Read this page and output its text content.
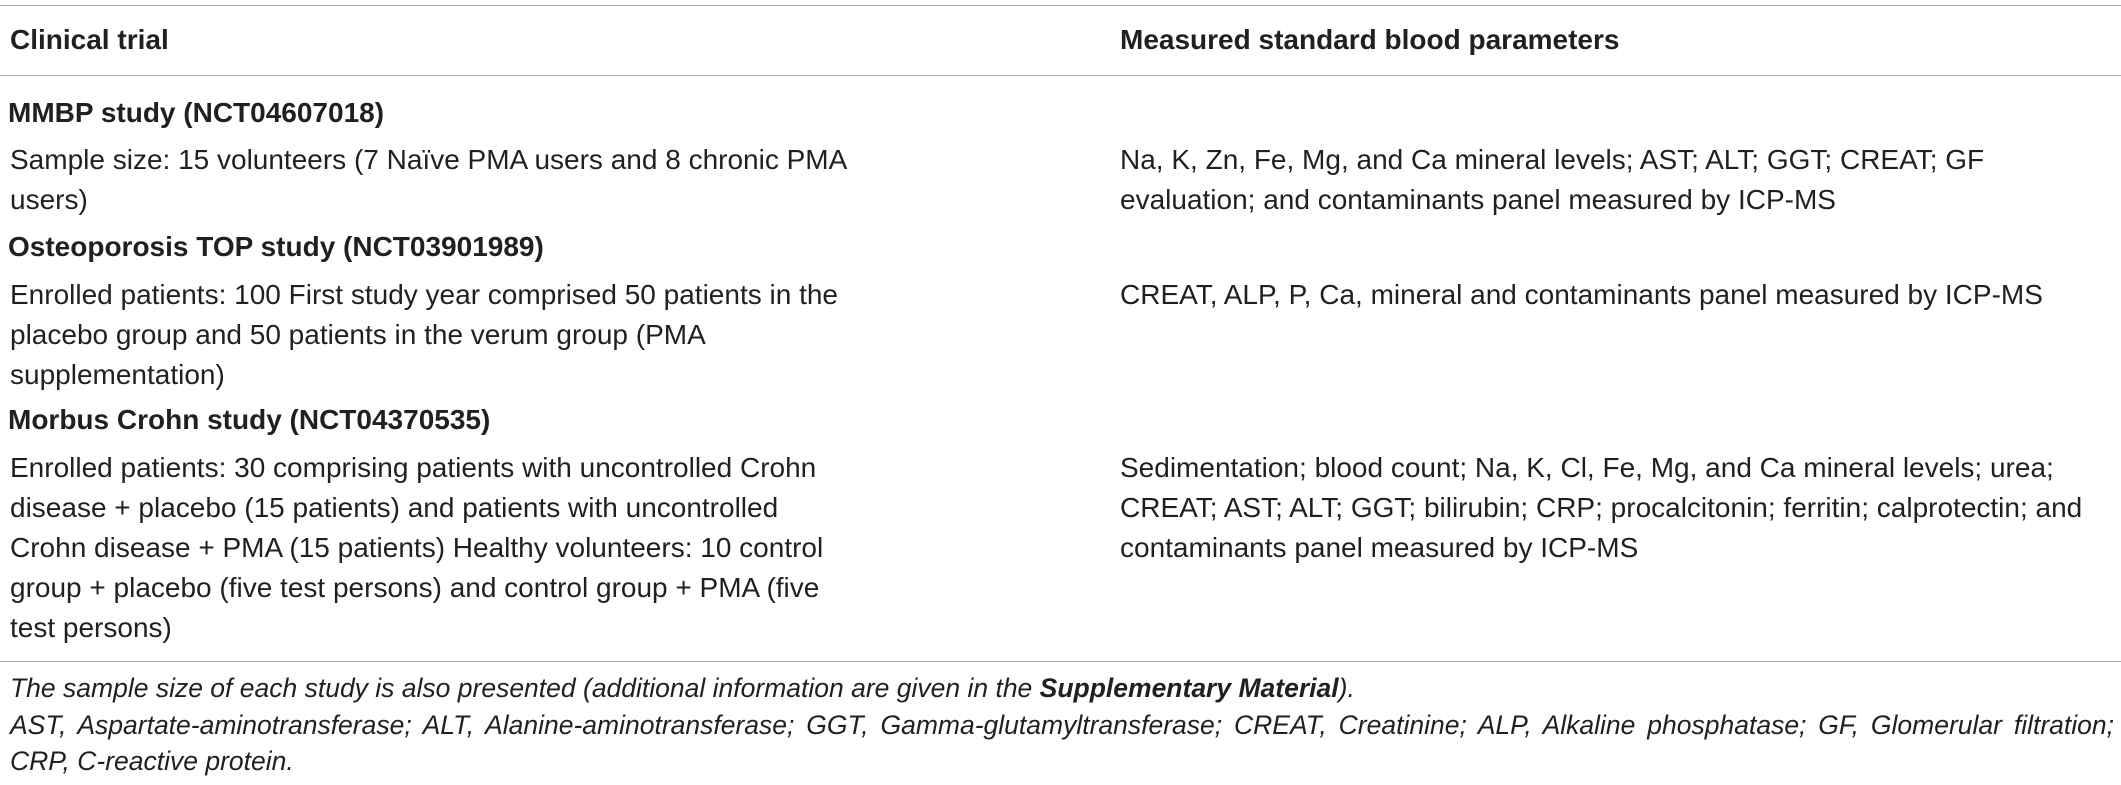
Clinical trial	Measured standard blood parameters
MMBP study (NCT04607018)
Sample size: 15 volunteers (7 Naïve PMA users and 8 chronic PMA
users)
Na, K, Zn, Fe, Mg, and Ca mineral levels; AST; ALT; GGT; CREAT; GF
evaluation; and contaminants panel measured by ICP-MS
Osteoporosis TOP study (NCT03901989)
Enrolled patients: 100 First study year comprised 50 patients in the
placebo group and 50 patients in the verum group (PMA
supplementation)
CREAT, ALP, P, Ca, mineral and contaminants panel measured by ICP-MS
Morbus Crohn study (NCT04370535)
Enrolled patients: 30 comprising patients with uncontrolled Crohn
disease + placebo (15 patients) and patients with uncontrolled
Crohn disease + PMA (15 patients) Healthy volunteers: 10 control
group + placebo (five test persons) and control group + PMA (five
test persons)
Sedimentation; blood count; Na, K, Cl, Fe, Mg, and Ca mineral levels; urea;
CREAT; AST; ALT; GGT; bilirubin; CRP; procalcitonin; ferritin; calprotectin; and
contaminants panel measured by ICP-MS
The sample size of each study is also presented (additional information are given in the Supplementary Material).
AST, Aspartate-aminotransferase; ALT, Alanine-aminotransferase; GGT, Gamma-glutamyltransferase; CREAT, Creatinine; ALP, Alkaline phosphatase; GF, Glomerular filtration; CRP, C-reactive protein.
